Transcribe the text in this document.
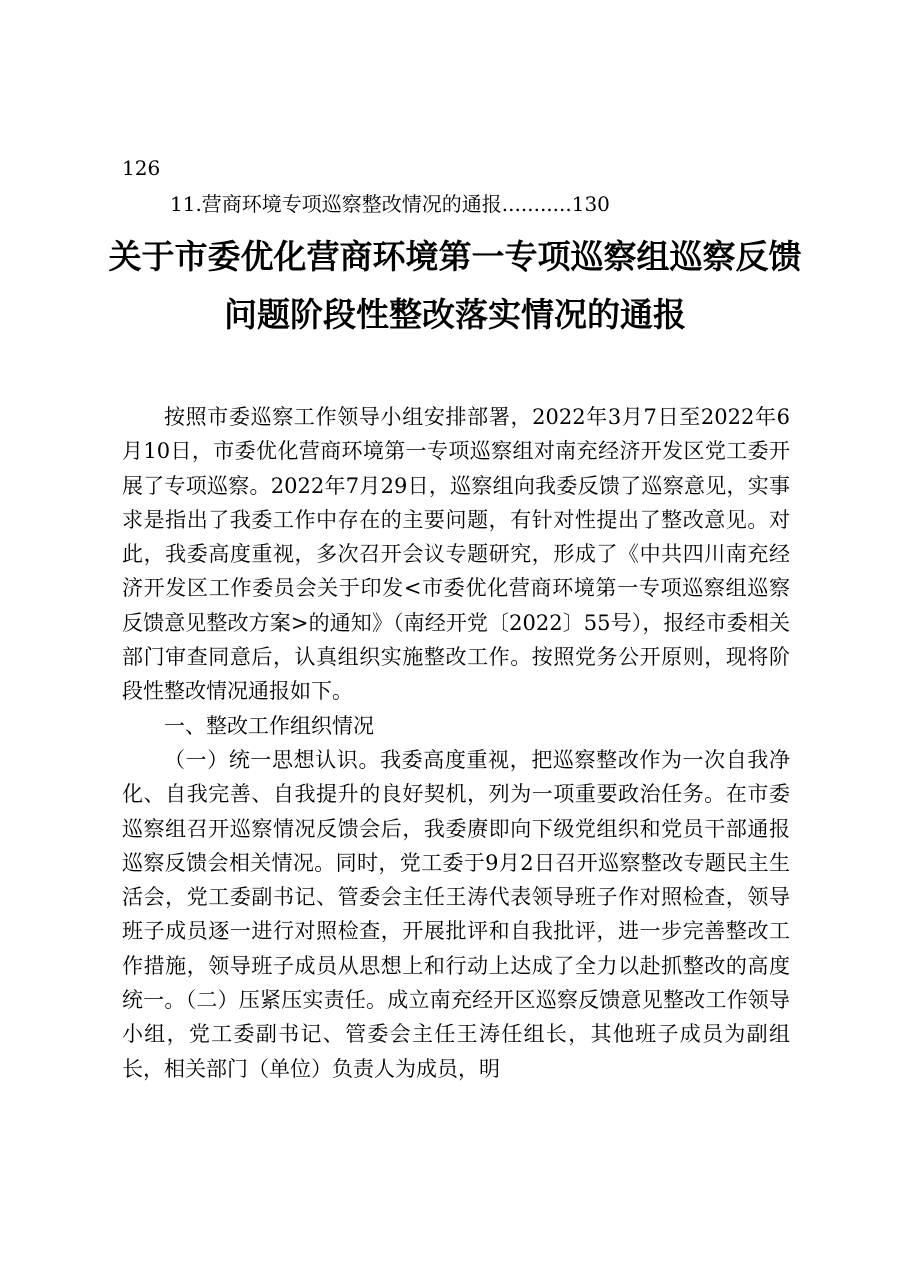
126
11.营商环境专项巡察整改情况的通报...........130
关于市委优化营商环境第一专项巡察组巡察反馈问题阶段性整改落实情况的通报

按照市委巡察工作领导小组安排部署，2022年3月7日至2022年6月10日，市委优化营商环境第一专项巡察组对南充经济开发区党工委开展了专项巡察。2022年7月29日，巡察组向我委反馈了巡察意见，实事求是指出了我委工作中存在的主要问题，有针对性提出了整改意见。对此，我委高度重视，多次召开会议专题研究，形成了《中共四川南充经济开发区工作委员会关于印发<市委优化营商环境第一专项巡察组巡察反馈意见整改方案>的通知》（南经开党〔2022〕55号），报经市委相关部门审查同意后，认真组织实施整改工作。按照党务公开原则，现将阶段性整改情况通报如下。

一、整改工作组织情况

（一）统一思想认识。我委高度重视，把巡察整改作为一次自我净化、自我完善、自我提升的良好契机，列为一项重要政治任务。在市委巡察组召开巡察情况反馈会后，我委赓即向下级党组织和党员干部通报巡察反馈会相关情况。同时，党工委于9月2日召开巡察整改专题民主生活会，党工委副书记、管委会主任王涛代表领导班子作对照检查，领导班子成员逐一进行对照检查，开展批评和自我批评，进一步完善整改工作措施，领导班子成员从思想上和行动上达成了全力以赴抓整改的高度统一。（二）压紧压实责任。成立南充经开区巡察反馈意见整改工作领导小组，党工委副书记、管委会主任王涛任组长，其他班子成员为副组长，相关部门（单位）负责人为成员，明
